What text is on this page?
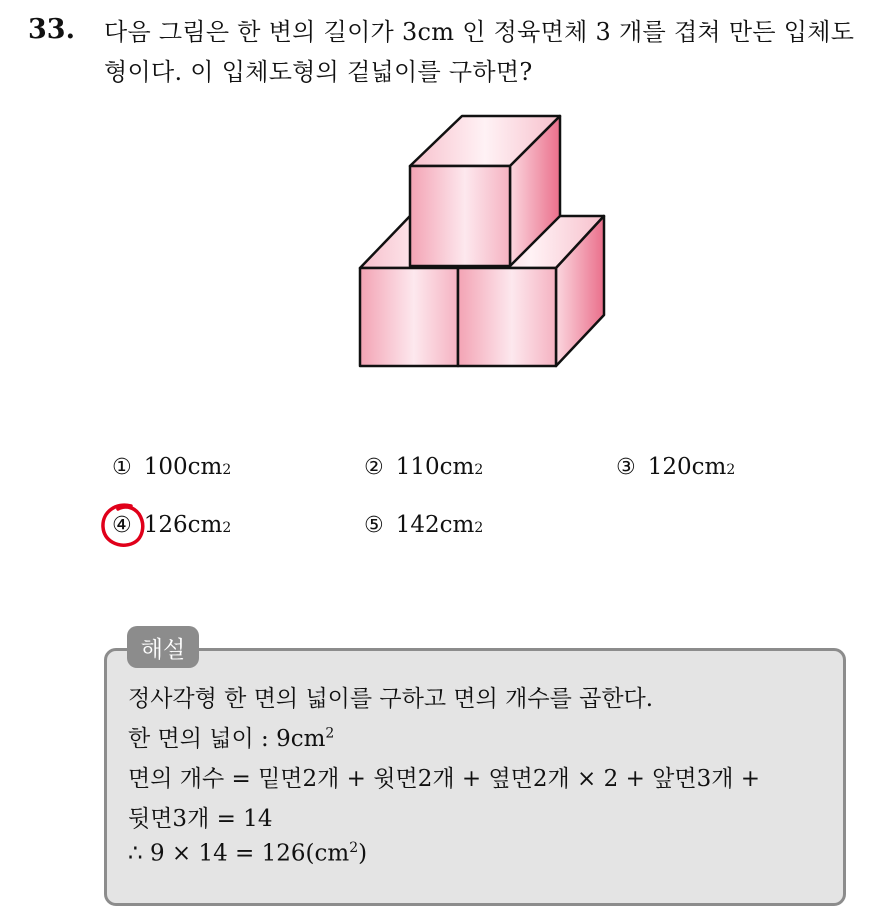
33. 다음 그림은 한 변의 길이가 3cm 인 정육면체 3 개를 겹쳐 만든 입체도형이다. 이 입체도형의 겉넓이를 구하면?
① 100cm 2	② 110cm 2	③ 120cm 2
④ 126cm 2	⑤ 142cm 2
해설
정사각형 한 면의 넓이를 구하고 면의 개수를 곱한다.
한 면의 넓이 : $9cm^2$
면의 개수 = 밑면2개 + 윗면2개 + 옆면2개 × 2 + 앞면3개 +
뒷면3개 = 14
∴ $9 \times 14 = 126(cm^2)$
